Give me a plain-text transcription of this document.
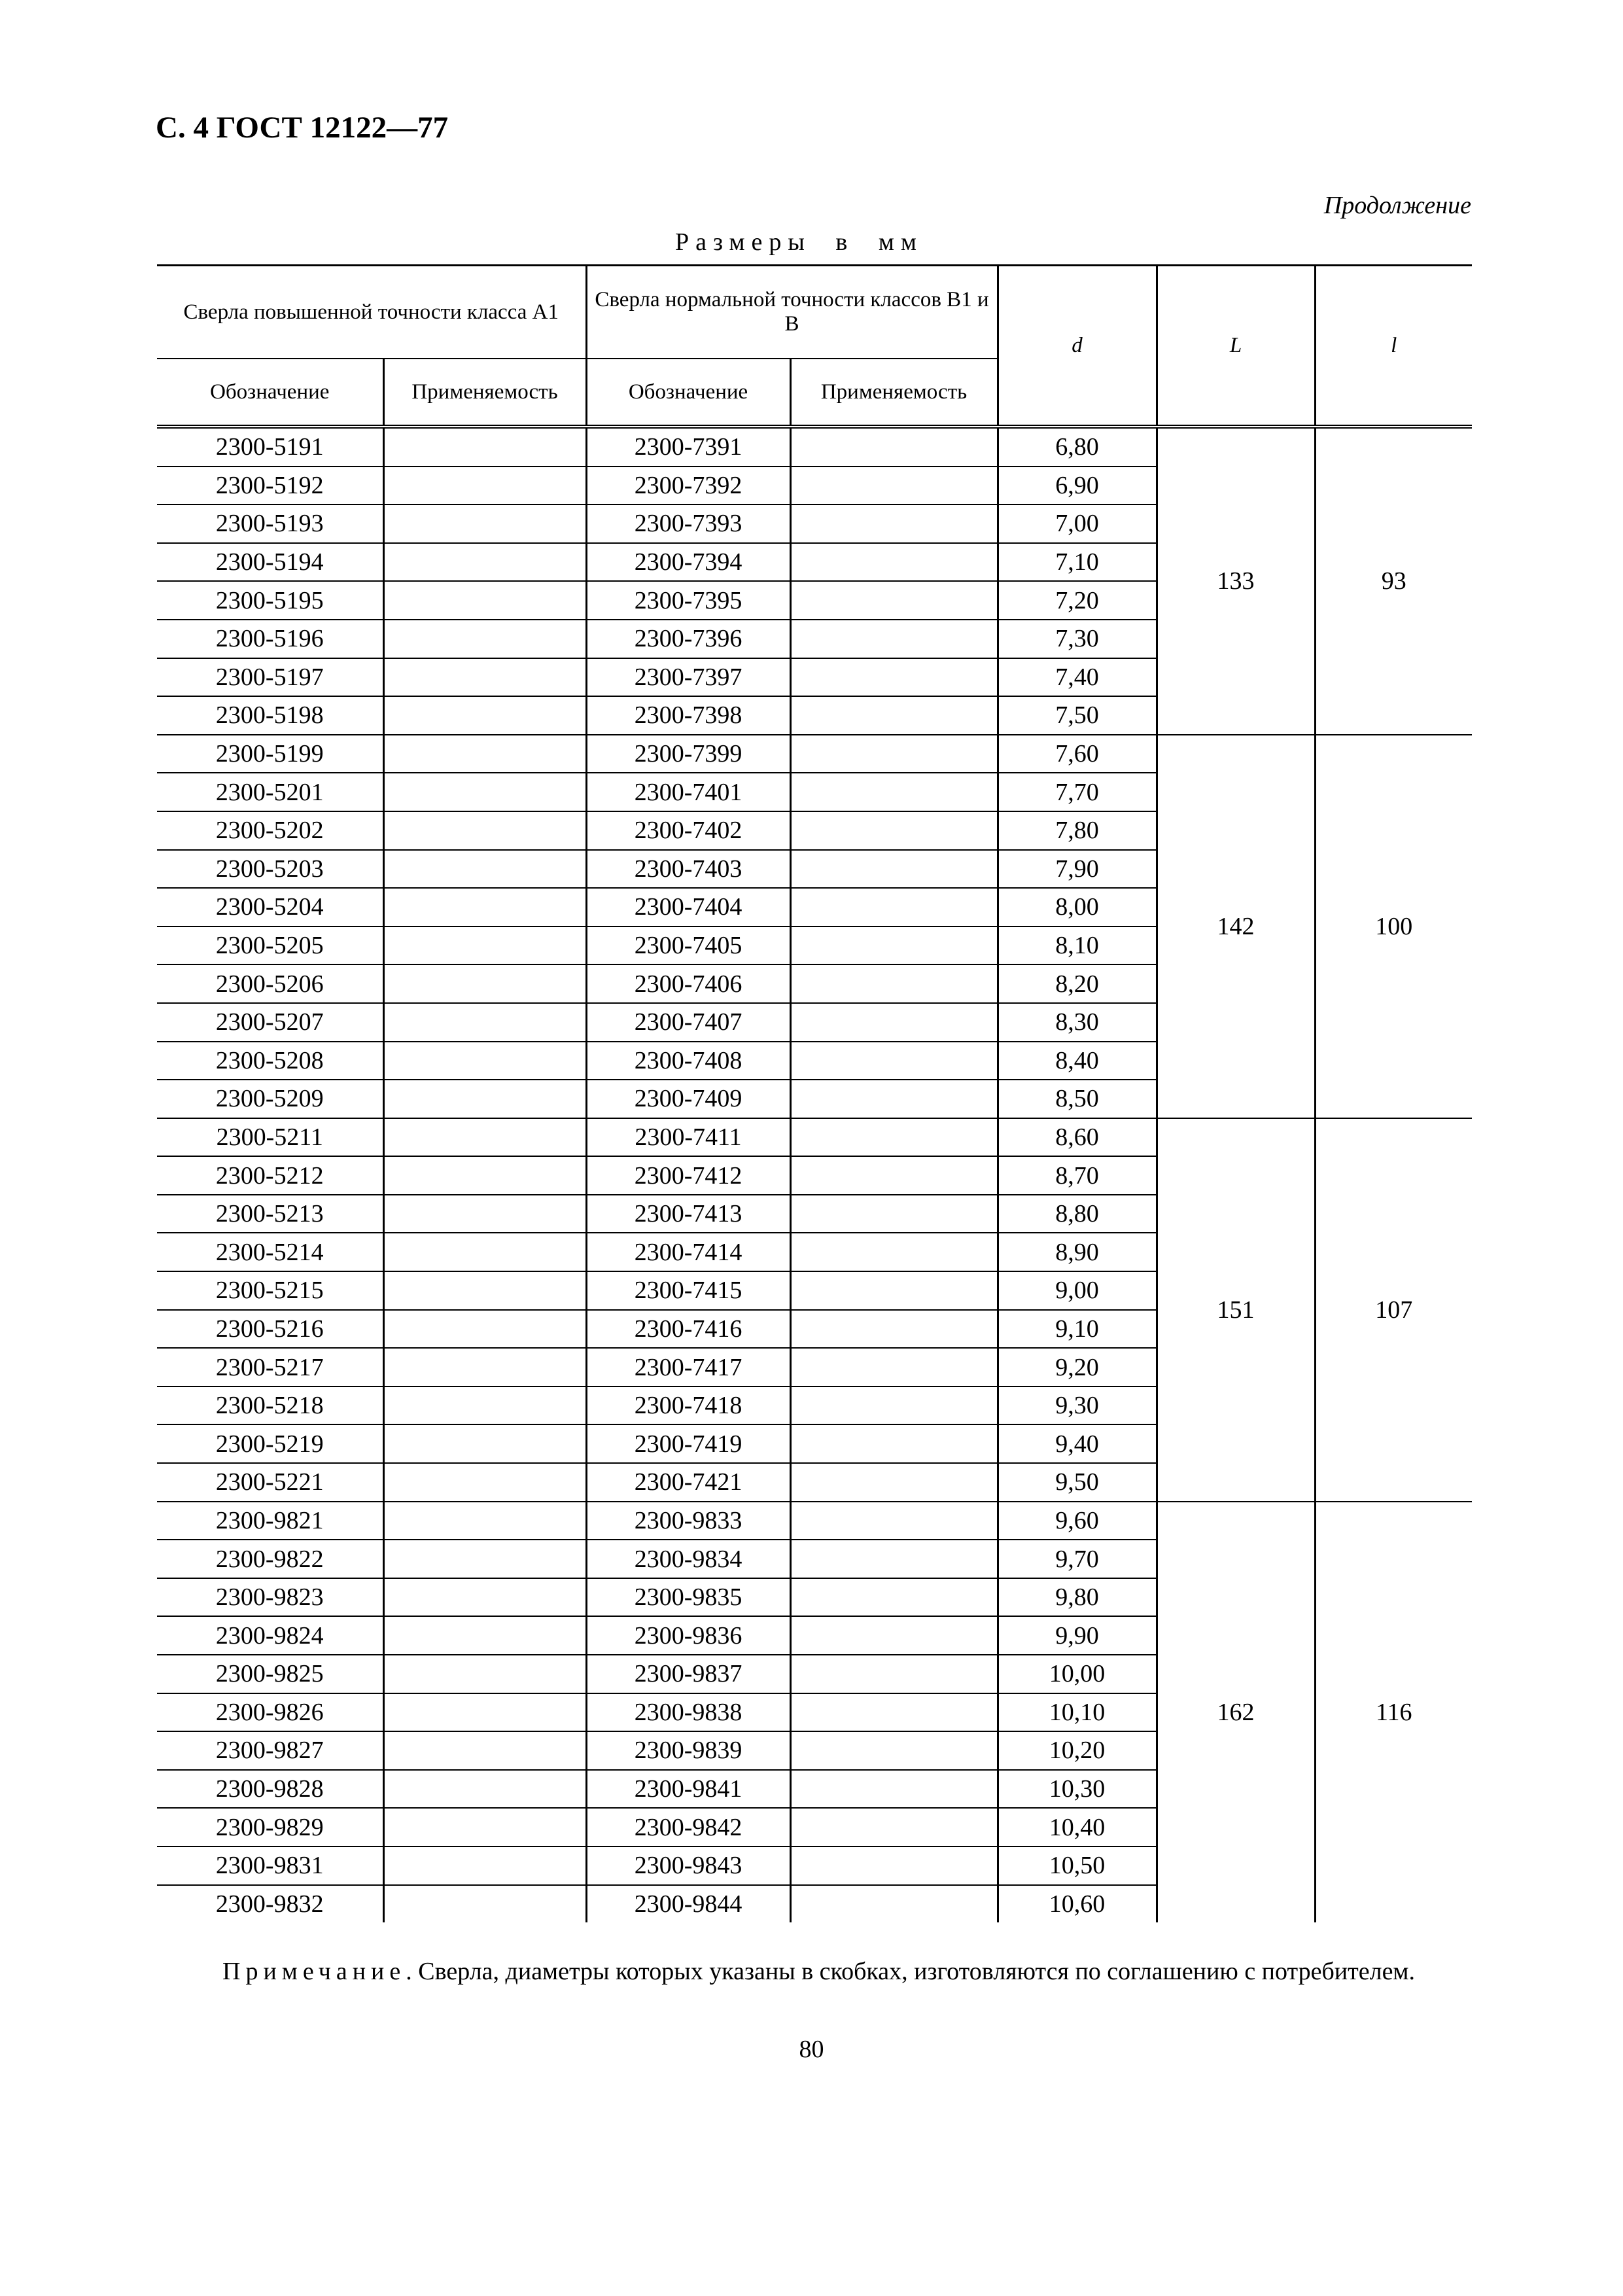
С. 4 ГОСТ 12122—77
Продолжение
Размеры в мм
Сверла повышенной точности класса А1		Сверла нормальной точности классов В1 и В		d	L	l
Обозначение	Применяемость	Обозначение	Применяемость			
2300-5191		2300-7391		6,80	133	93
2300-5192		2300-7392		6,90		
2300-5193		2300-7393		7,00		
2300-5194		2300-7394		7,10		
2300-5195		2300-7395		7,20		
2300-5196		2300-7396		7,30		
2300-5197		2300-7397		7,40		
2300-5198		2300-7398		7,50		
2300-5199		2300-7399		7,60	142	100
2300-5201		2300-7401		7,70		
2300-5202		2300-7402		7,80		
2300-5203		2300-7403		7,90		
2300-5204		2300-7404		8,00		
2300-5205		2300-7405		8,10		
2300-5206		2300-7406		8,20		
2300-5207		2300-7407		8,30		
2300-5208		2300-7408		8,40		
2300-5209		2300-7409		8,50		
2300-5211		2300-7411		8,60	151	107
2300-5212		2300-7412		8,70		
2300-5213		2300-7413		8,80		
2300-5214		2300-7414		8,90		
2300-5215		2300-7415		9,00		
2300-5216		2300-7416		9,10		
2300-5217		2300-7417		9,20		
2300-5218		2300-7418		9,30		
2300-5219		2300-7419		9,40		
2300-5221		2300-7421		9,50		
2300-9821		2300-9833		9,60	162	116
2300-9822		2300-9834		9,70		
2300-9823		2300-9835		9,80		
2300-9824		2300-9836		9,90		
2300-9825		2300-9837		10,00		
2300-9826		2300-9838		10,10		
2300-9827		2300-9839		10,20		
2300-9828		2300-9841		10,30		
2300-9829		2300-9842		10,40		
2300-9831		2300-9843		10,50		
2300-9832		2300-9844		10,60		
Примечание. Сверла, диаметры которых указаны в скобках, изготовляются по соглашению с потребителем.
80
